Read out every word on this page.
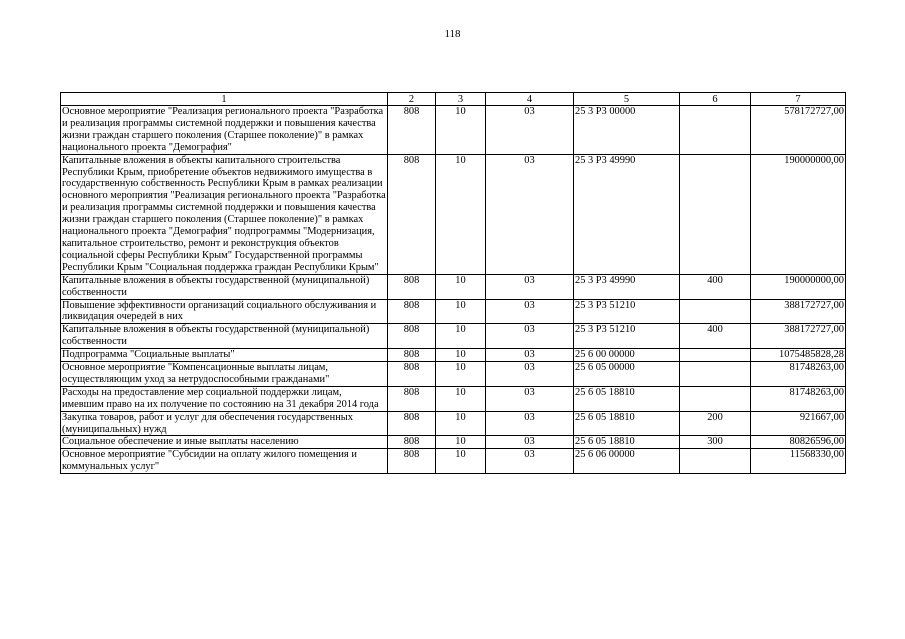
118
1	2	3	4	5	6	7
Основное мероприятие "Реализация регионального проекта "Разработка и реализация программы системной поддержки и повышения качества жизни граждан старшего поколения (Старшее поколение)" в рамках национального проекта "Демография"	808	10	03	25 3 P3 00000		578172727,00
Капитальные вложения в объекты капитального строительства Республики Крым, приобретение объектов недвижимого имущества в государственную собственность Республики Крым в рамках реализации основного мероприятия "Реализация регионального проекта "Разработка и реализация программы системной поддержки и повышения качества жизни граждан старшего поколения (Старшее поколение)" в рамках национального проекта "Демография" подпрограммы "Модернизация, капитальное строительство, ремонт и реконструкция объектов социальной сферы Республики Крым" Государственной программы Республики Крым "Социальная поддержка граждан Республики Крым"	808	10	03	25 3 P3 49990		190000000,00
Капитальные вложения в объекты государственной (муниципальной) собственности	808	10	03	25 3 P3 49990	400	190000000,00
Повышение эффективности организаций социального обслуживания и ликвидация очередей в них	808	10	03	25 3 P3 51210		388172727,00
Капитальные вложения в объекты государственной (муниципальной) собственности	808	10	03	25 3 P3 51210	400	388172727,00
Подпрограмма "Социальные выплаты"	808	10	03	25 6 00 00000		1075485828,28
Основное мероприятие "Компенсационные выплаты лицам, осуществляющим уход за нетрудоспособными гражданами"	808	10	03	25 6 05 00000		81748263,00
Расходы на предоставление мер социальной поддержки лицам, имевшим право на их получение по состоянию на 31 декабря 2014 года	808	10	03	25 6 05 18810		81748263,00
Закупка товаров, работ и услуг для обеспечения государственных (муниципальных) нужд	808	10	03	25 6 05 18810	200	921667,00
Социальное обеспечение и иные выплаты населению	808	10	03	25 6 05 18810	300	80826596,00
Основное мероприятие "Субсидии на оплату жилого помещения и коммунальных услуг"	808	10	03	25 6 06 00000		11568330,00
